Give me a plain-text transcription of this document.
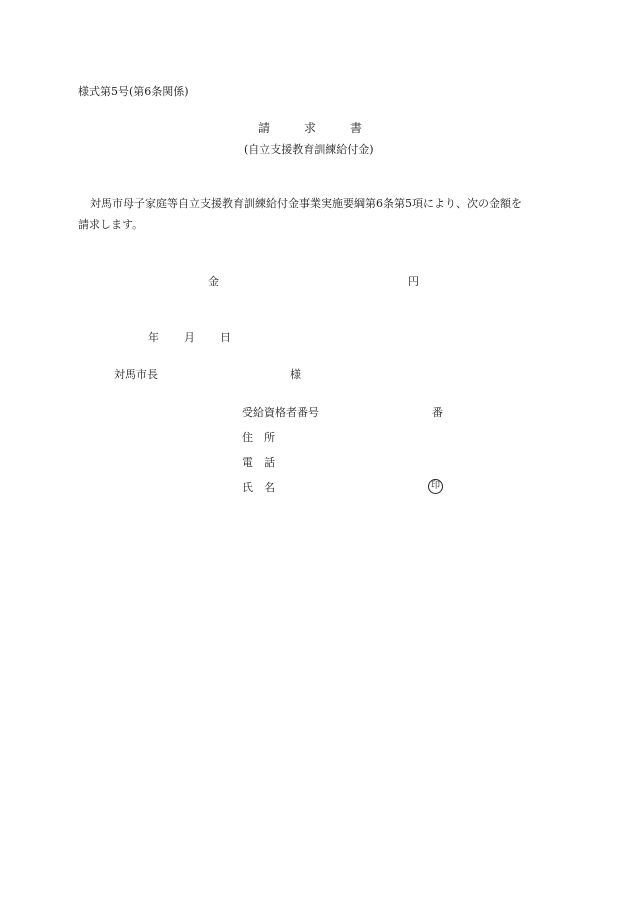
様式第5号(第6条関係)
請	求	書
(自立支援教育訓練給付金)
対馬市母子家庭等自立支援教育訓練給付金事業実施要綱第6条第5項により、次の金額を
請求します。
金	円
年 月 日
対馬市長	様
受給資格者番号	番
住　所
電　話
氏　名	印
